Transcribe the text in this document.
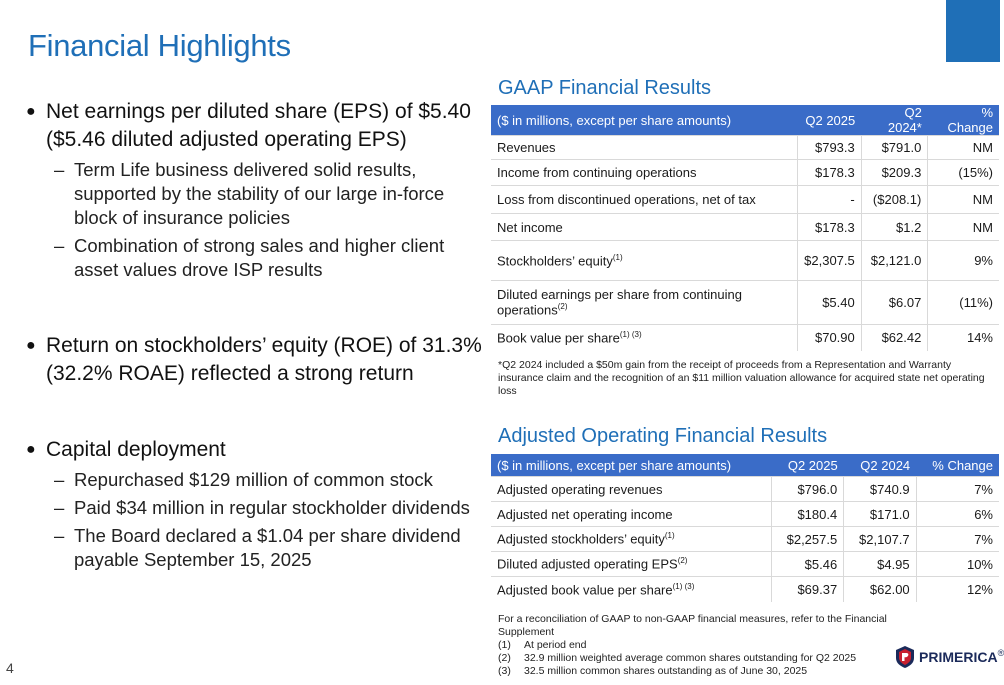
Financial Highlights
● Net earnings per diluted share (EPS) of $5.40 ($5.46 diluted adjusted operating EPS)
– Term Life business delivered solid results, supported by the stability of our large in-force block of insurance policies
– Combination of strong sales and higher client asset values drove ISP results
● Return on stockholders’ equity (ROE) of 31.3% (32.2% ROAE) reflected a strong return
● Capital deployment
– Repurchased $129 million of common stock
– Paid $34 million in regular stockholder dividends
– The Board declared a $1.04 per share dividend payable September 15, 2025
GAAP Financial Results
($ in millions, except per share amounts)	Q2 2025	Q2 2024*	% Change
Revenues	$793.3	$791.0	NM
Income from continuing operations	$178.3	$209.3	(15%)
Loss from discontinued operations, net of tax	-	($208.1)	NM
Net income	$178.3	$1.2	NM
Stockholders’ equity$^{(1)}$	$2,307.5	$2,121.0	9%
Diluted earnings per share from continuing operations$^{(2)}$	$5.40	$6.07	(11%)
Book value per share$^{(1) (3)}$	$70.90	$62.42	14%
*Q2 2024 included a $50m gain from the receipt of proceeds from a Representation and Warranty insurance claim and the recognition of an $11 million valuation allowance for acquired state net operating loss
Adjusted Operating Financial Results
($ in millions, except per share amounts)	Q2 2025	Q2 2024	% Change
Adjusted operating revenues	$796.0	$740.9	7%
Adjusted net operating income	$180.4	$171.0	6%
Adjusted stockholders’ equity$^{(1)}$	$2,257.5	$2,107.7	7%
Diluted adjusted operating EPS$^{(2)}$	$5.46	$4.95	10%
Adjusted book value per share$^{(1) (3)}$	$69.37	$62.00	12%
For a reconciliation of GAAP to non-GAAP financial measures, refer to the Financial Supplement
(1)	At period end
(2)	32.9 million weighted average common shares outstanding for Q2 2025
(3)	32.5 million common shares outstanding as of June 30, 2025
4
PRIMERICA ®
